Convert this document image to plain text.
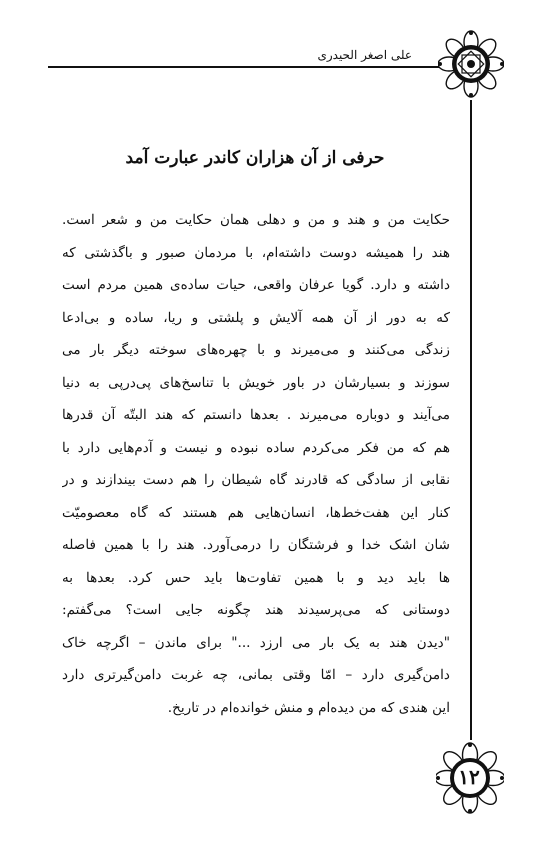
علی اصغر الحیدری
۱۲
حرفی از آن هزاران کاندر عبارت آمد
حکایت من و هند و من و دهلی همان حکایت من و شعر است.
هند را همیشه دوست داشته‌ام، با مردمان صبور و باگذشتی که
داشته و دارد. گویا عرفان واقعی، حیات ساده‌ی همین مردم است
که به دور از آن همه آلایش و پلشتی و ریا، ساده و بی‌ادعا
زندگی می‌کنند و می‌میرند و با چهره‌های سوخته دیگر بار می
سوزند و بسیارشان در باور خویش با تناسخ‌های پی‌درپی به دنیا
می‌آیند و دوباره می‌میرند . بعدها دانستم که هند البتّه آن قدرها
هم که من فکر می‌کردم ساده نبوده و نیست و آدم‌هایی دارد با
نقابی از سادگی که قادرند گاه شیطان را هم دست بیندازند و در
کنار این هفت‌خط‌ها، انسان‌هایی هم هستند که گاه معصومیّت
شان اشک خدا و فرشتگان را درمی‌آورد. هند را با همین فاصله
ها باید دید و با همین تفاوت‌ها باید حس کرد. بعدها به
دوستانی که می‌پرسیدند هند چگونه جایی است؟ می‌گفتم:
"دیدن هند به یک بار می ارزد ..." برای ماندن – اگرچه خاک
دامن‌گیری دارد – امّا وقتی بمانی، چه غربت دامن‌گیرتری دارد
این هندی که من دیده‌ام و منش خوانده‌ام در تاریخ.
